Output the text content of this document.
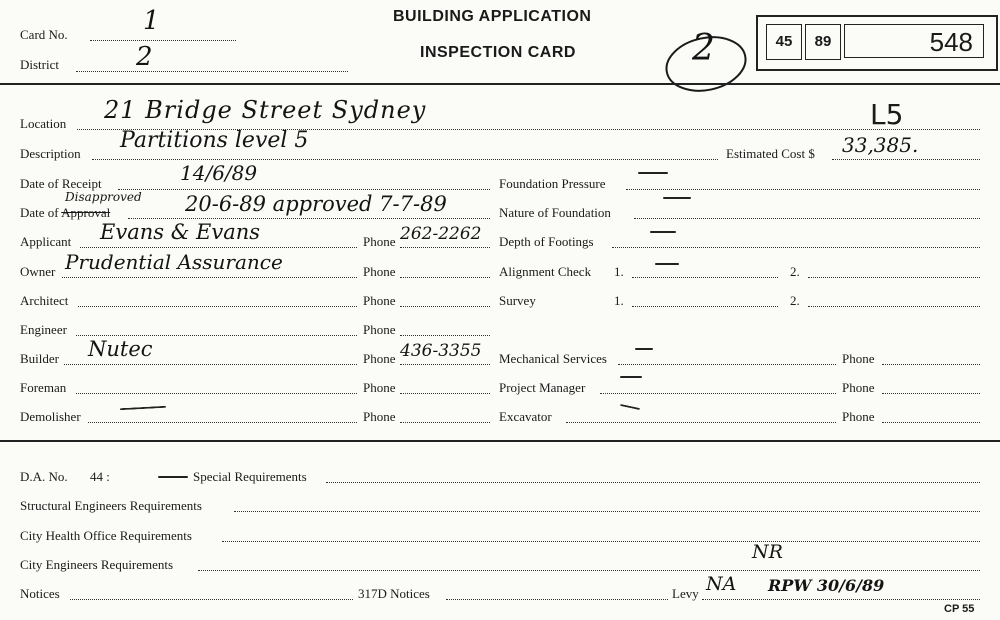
Card No.	1
District	2
BUILDING APPLICATION
INSPECTION CARD	2	45	89	548
Location 21 Bridge Street Sydney	L5
Description
Partitions level 5
Estimated Cost $ 33,385.
Date of Receipt	14/6/89
Date of Approval
Disapproved 20-6-89 approved 7-7-89
Applicant Evans & Evans	Phone 262-2262
Owner Prudential Assurance	Phone
Architect	Phone
Engineer	Phone
Builder Nutec	Phone 436-3355
Foreman	Phone
Demolisher	Phone
Foundation Pressure
Nature of Foundation
Depth of Footings
Alignment Check 1.	2.
Survey	1.	2.
Mechanical Services	Phone
Project Manager	Phone
Excavator	Phone
D.A. No. 44 :	Special Requirements
Structural Engineers Requirements
City Health Office Requirements
City Engineers Requirements
NR
Notices	317D Notices	Levy NA RPW 30/6/89
CP 55
